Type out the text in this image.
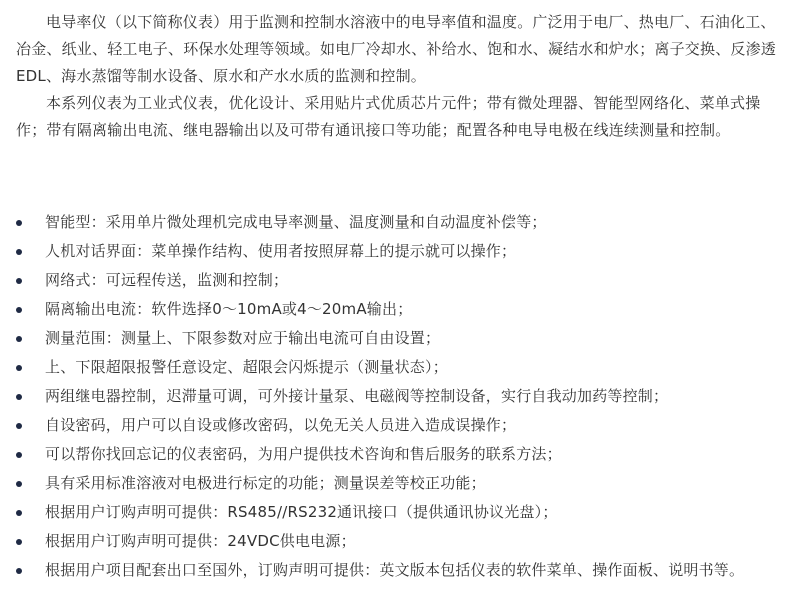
电导率仪（以下简称仪表）用于监测和控制水溶液中的电导率值和温度。广泛用于电厂、热电厂、石油化工、冶金、纸业、轻工电子、环保水处理等领域。如电厂冷却水、补给水、饱和水、凝结水和炉水；离子交换、反渗透EDL、海水蒸馏等制水设备、原水和产水水质的监测和控制。

本系列仪表为工业式仪表，优化设计、采用贴片式优质芯片元件；带有微处理器、智能型网络化、菜单式操作；带有隔离输出电流、继电器输出以及可带有通讯接口等功能；配置各种电导电极在线连续测量和控制。

智能型：采用单片微处理机完成电导率测量、温度测量和自动温度补偿等；
人机对话界面：菜单操作结构、使用者按照屏幕上的提示就可以操作；
网络式：可远程传送，监测和控制；
隔离输出电流：软件选择0～10mA或4～20mA输出；
测量范围：测量上、下限参数对应于输出电流可自由设置；
上、下限超限报警任意设定、超限会闪烁提示（测量状态）；
两组继电器控制，迟滞量可调，可外接计量泵、电磁阀等控制设备，实行自我动加药等控制；
自设密码，用户可以自设或修改密码，以免无关人员进入造成误操作；
可以帮你找回忘记的仪表密码，为用户提供技术咨询和售后服务的联系方法；
具有采用标准溶液对电极进行标定的功能；测量误差等校正功能；
根据用户订购声明可提供：RS485//RS232通讯接口（提供通讯协议光盘）；
根据用户订购声明可提供：24VDC供电电源；
根据用户项目配套出口至国外，订购声明可提供：英文版本包括仪表的软件菜单、操作面板、说明书等。
